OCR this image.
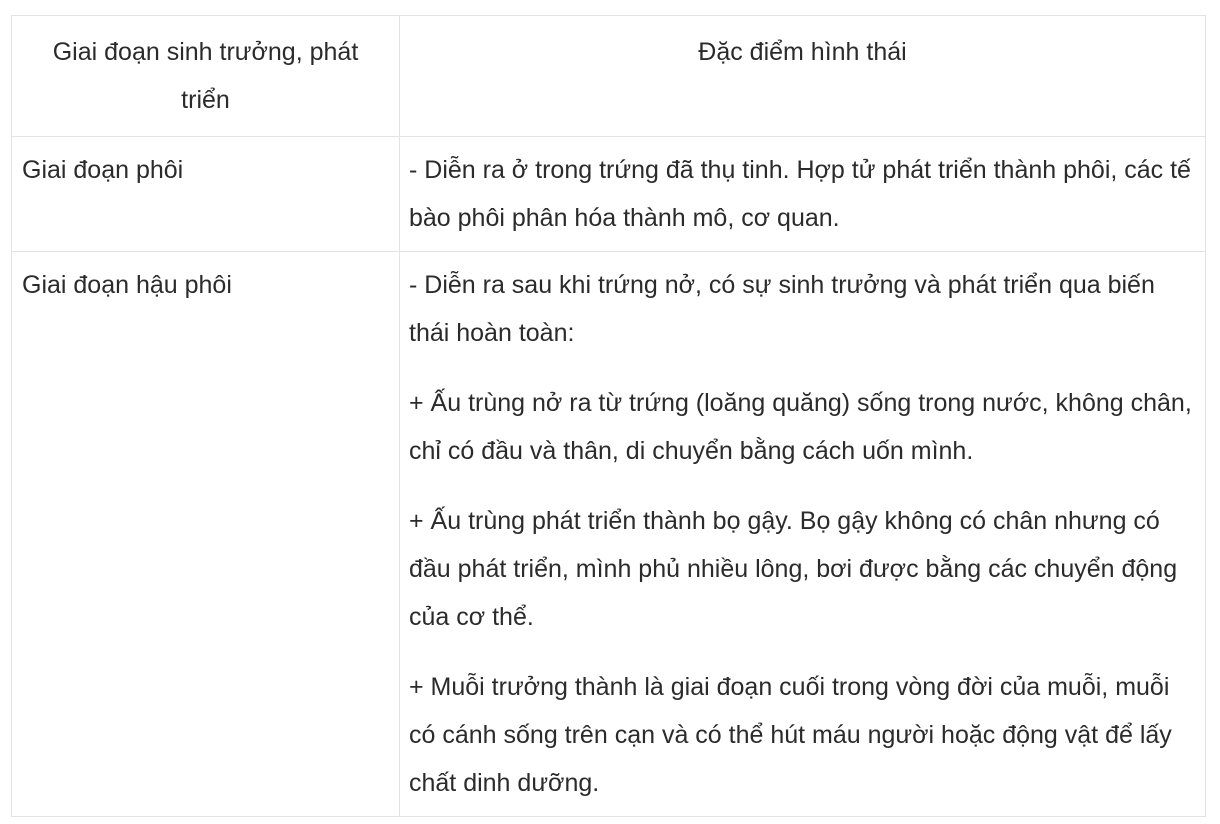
Giai đoạn sinh trưởng, phát triển	Đặc điểm hình thái
Giai đoạn phôi	- Diễn ra ở trong trứng đã thụ tinh. Hợp tử phát triển thành phôi, các tế bào phôi phân hóa thành mô, cơ quan.

Giai đoạn hậu phôi	- Diễn ra sau khi trứng nở, có sự sinh trưởng và phát triển qua biến thái hoàn toàn:

+ Ấu trùng nở ra từ trứng (loăng quăng) sống trong nước, không chân, chỉ có đầu và thân, di chuyển bằng cách uốn mình.

+ Ấu trùng phát triển thành bọ gậy. Bọ gậy không có chân nhưng có đầu phát triển, mình phủ nhiều lông, bơi được bằng các chuyển động của cơ thể.

+ Muỗi trưởng thành là giai đoạn cuối trong vòng đời của muỗi, muỗi có cánh sống trên cạn và có thể hút máu người hoặc động vật để lấy chất dinh dưỡng.
